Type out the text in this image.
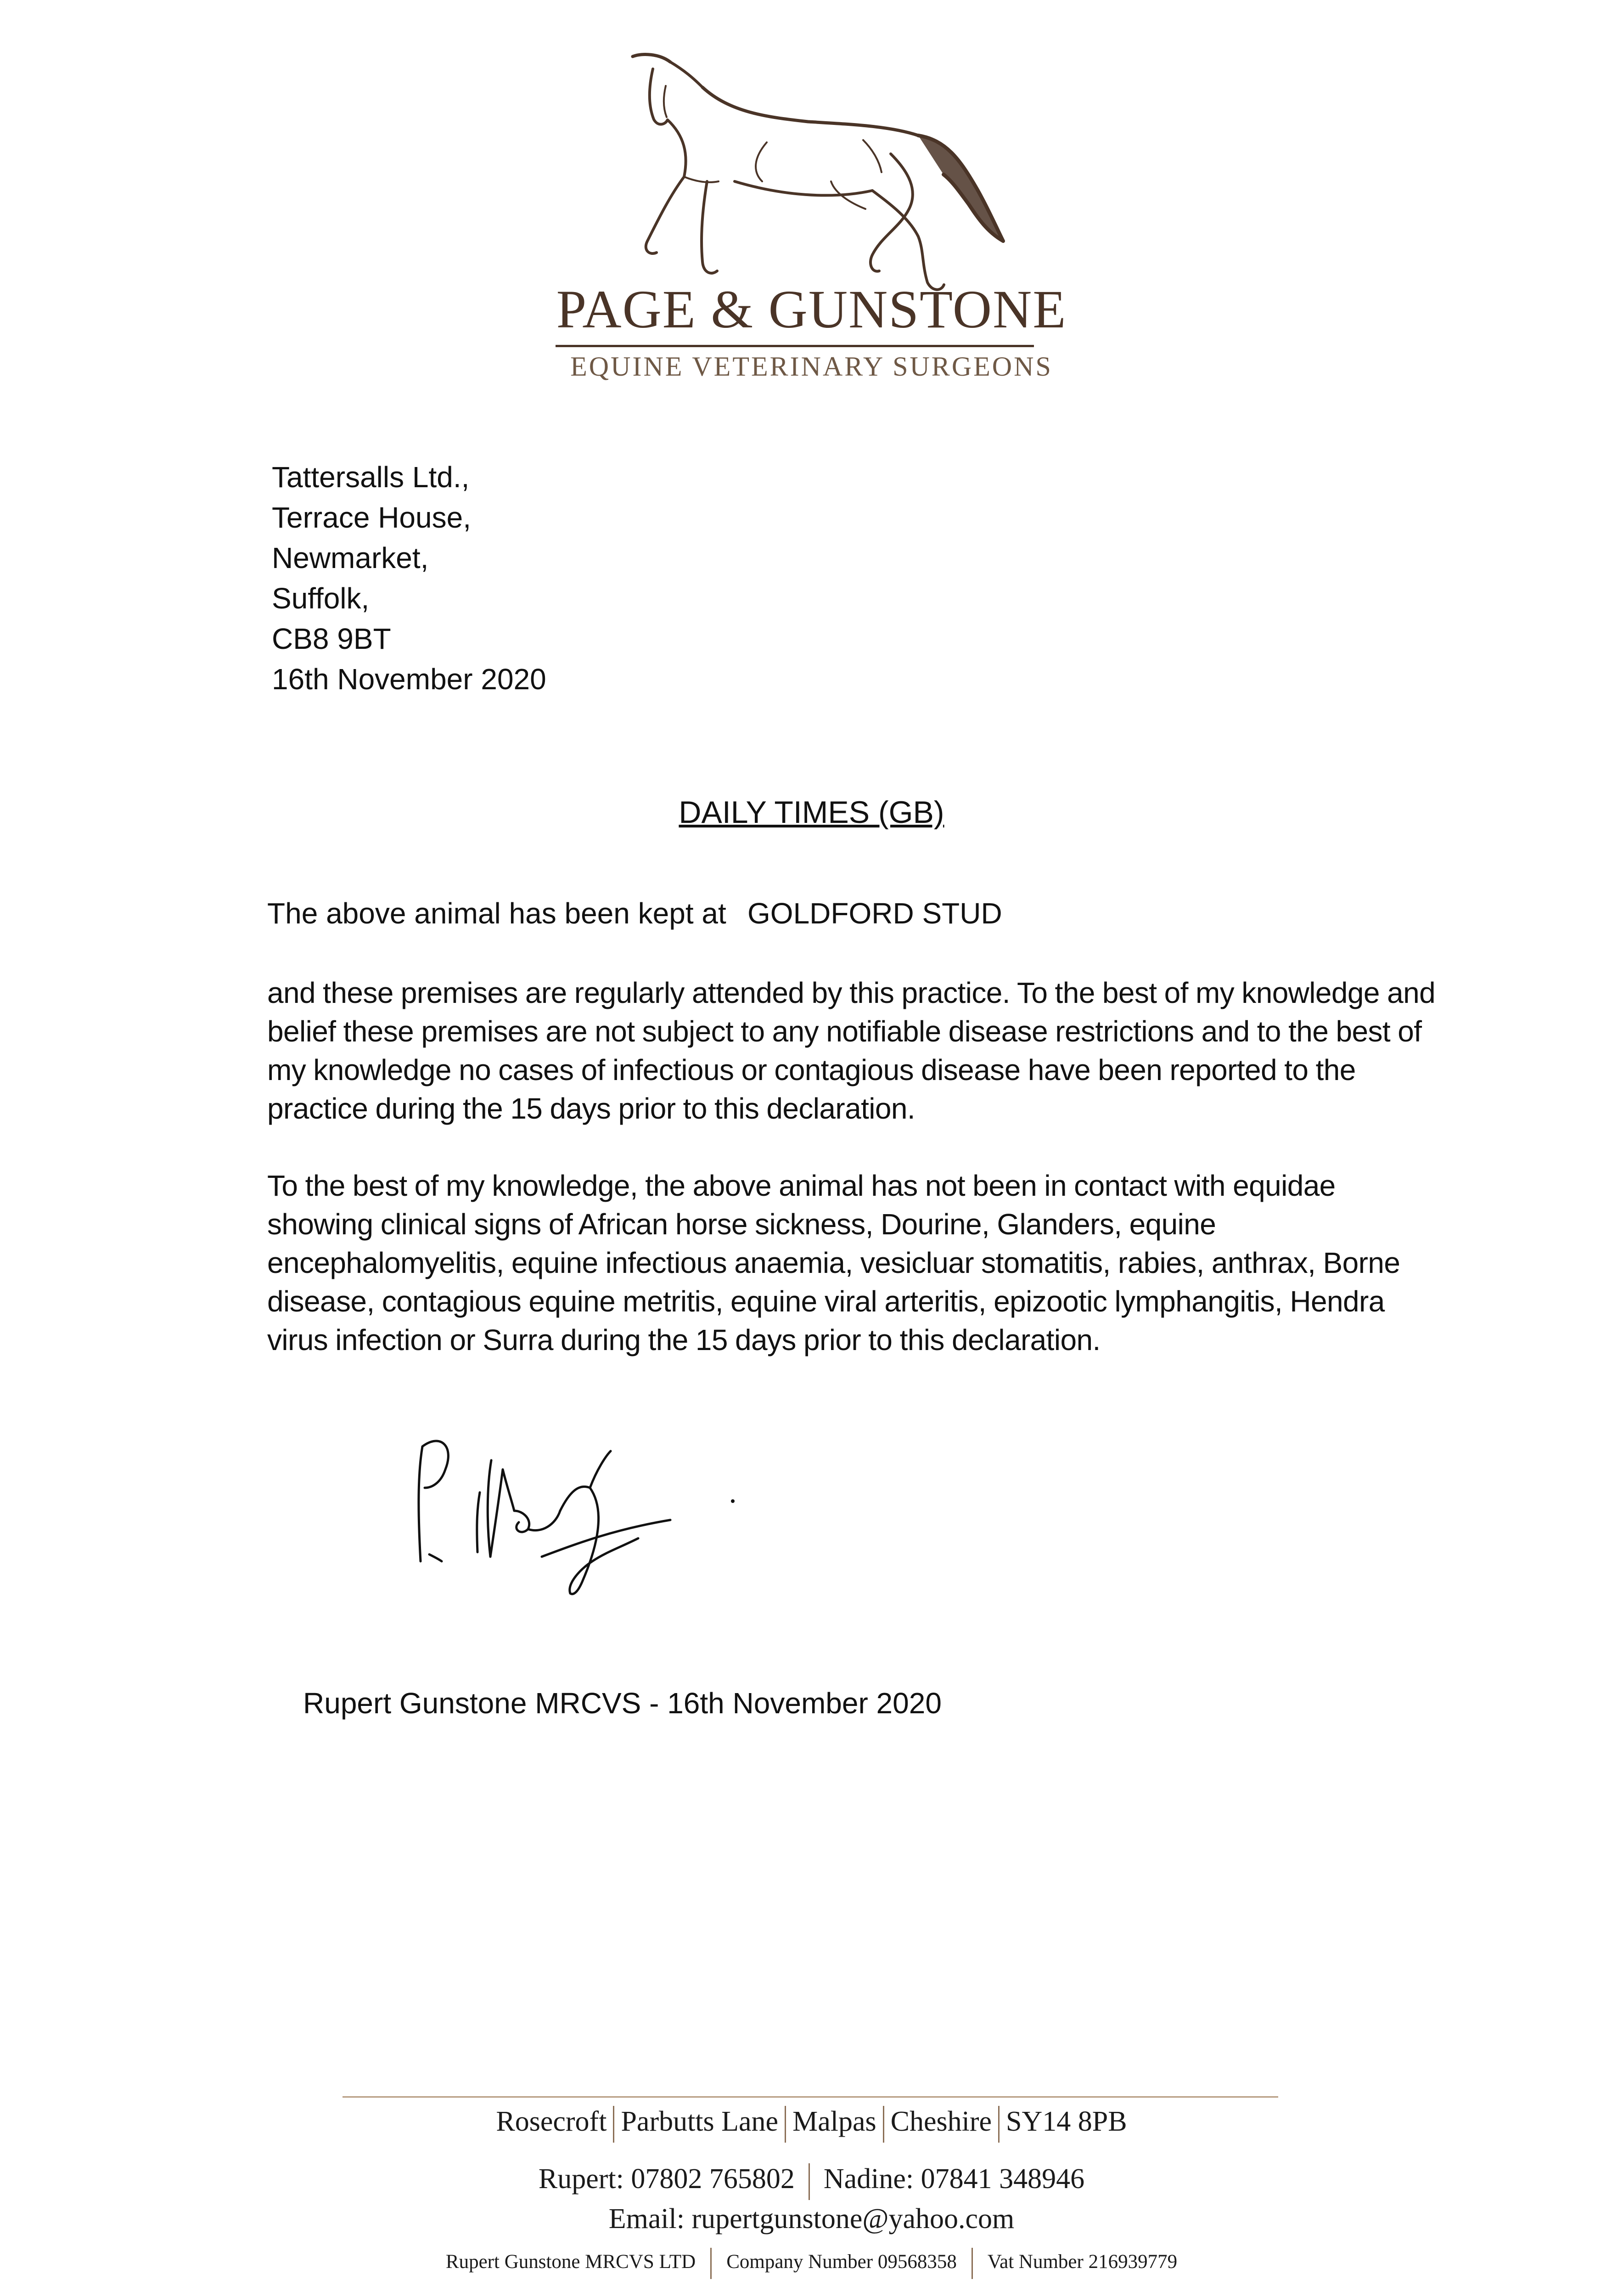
PAGE & GUNSTONE
EQUINE VETERINARY SURGEONS
Tattersalls Ltd.,
Terrace House,
Newmarket,
Suffolk,
CB8 9BT
16th November 2020
DAILY TIMES (GB)
The above animal has been kept at GOLDFORD STUD
and these premises are regularly attended by this practice. To the best of my knowledge and belief these premises are not subject to any notifiable disease restrictions and to the best of my knowledge no cases of infectious or contagious disease have been reported to the practice during the 15 days prior to this declaration.
To the best of my knowledge, the above animal has not been in contact with equidae showing clinical signs of African horse sickness, Dourine, Glanders, equine encephalomyelitis, equine infectious anaemia, vesicluar stomatitis, rabies, anthrax, Borne disease, contagious equine metritis, equine viral arteritis, epizootic lymphangitis, Hendra virus infection or Surra during the 15 days prior to this declaration.
Rupert Gunstone MRCVS - 16th November 2020
Rosecroft Parbutts Lane Malpas Cheshire SY14 8PB
Rupert: 07802 765802 Nadine: 07841 348946
Email: rupertgunstone@yahoo.com
Rupert Gunstone MRCVS LTD Company Number 09568358 Vat Number 216939779
